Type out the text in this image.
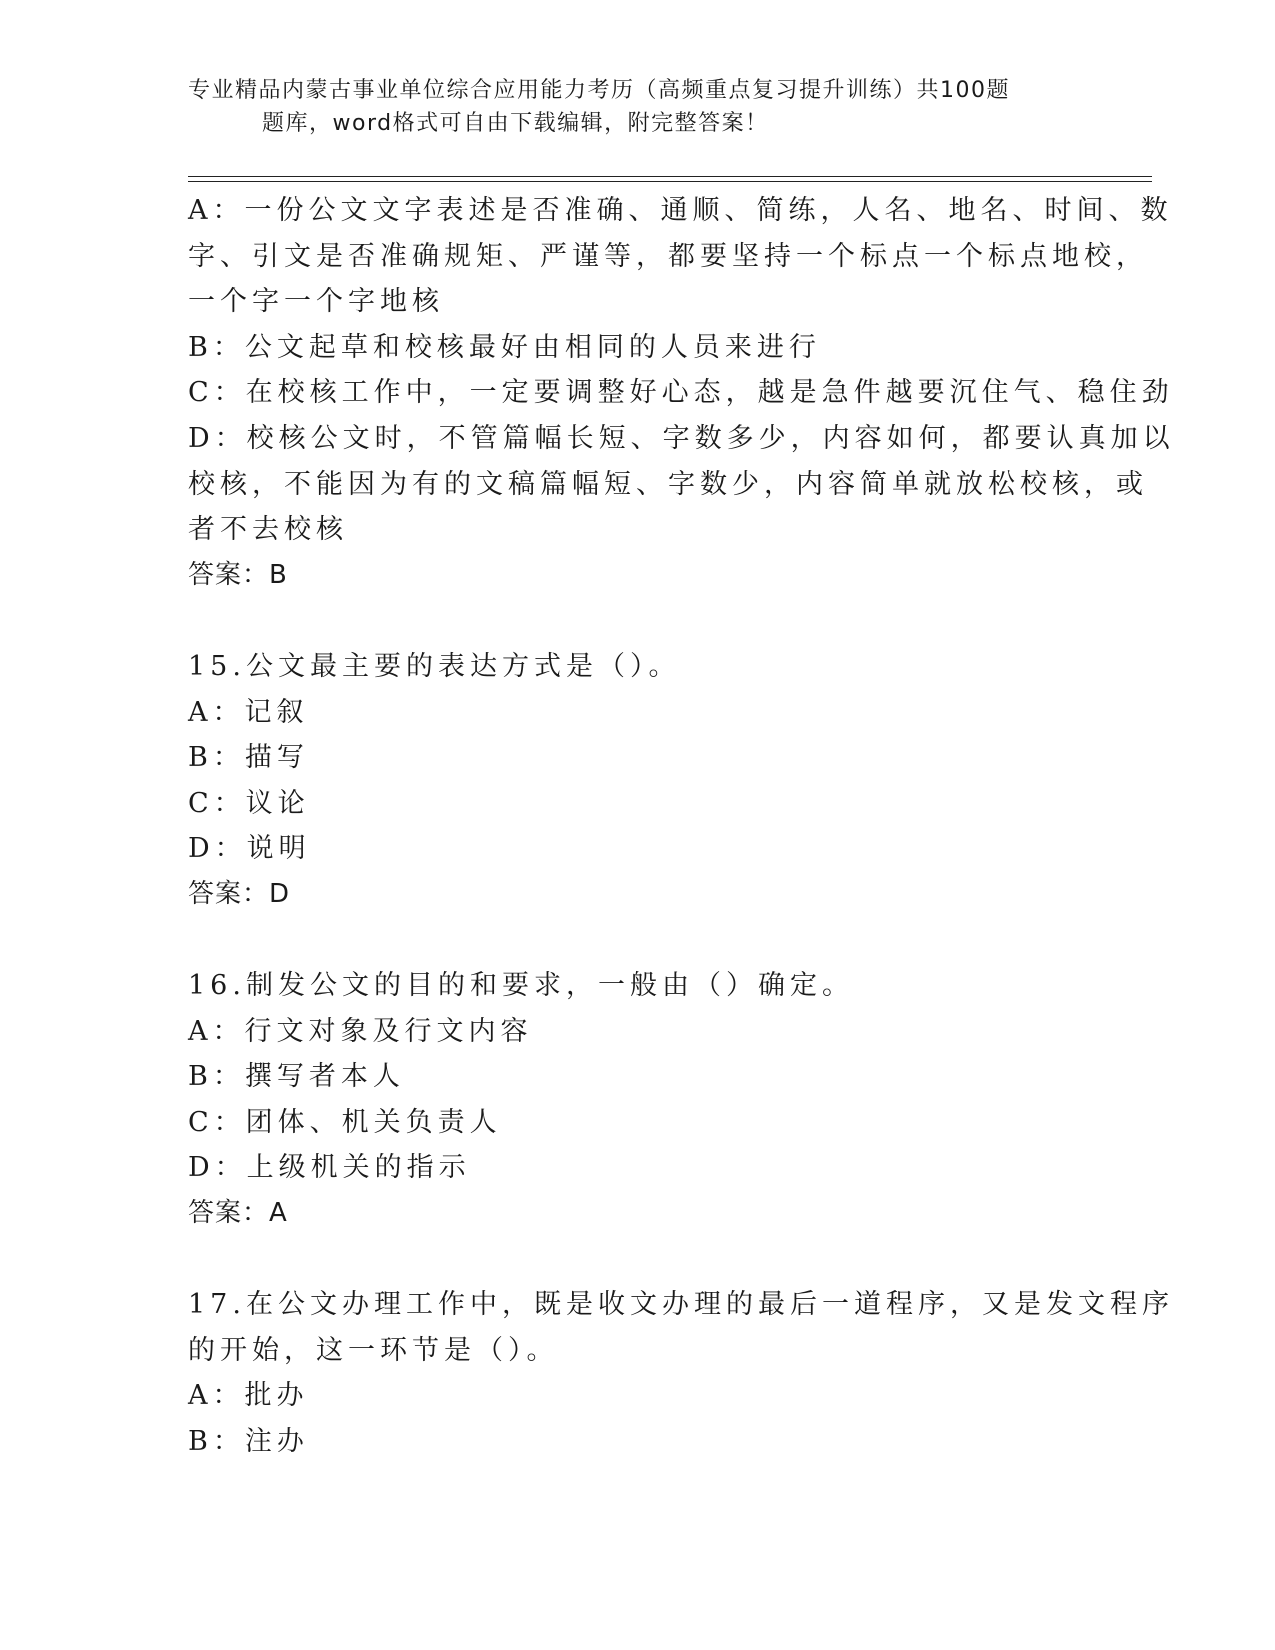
专业精品内蒙古事业单位综合应用能力考历（高频重点复习提升训练）共100题
题库，word格式可自由下载编辑，附完整答案！
A：一份公文文字表述是否准确、通顺、简练，人名、地名、时间、数
字、引文是否准确规矩、严谨等，都要坚持一个标点一个标点地校，
一个字一个字地核
B：公文起草和校核最好由相同的人员来进行
C：在校核工作中，一定要调整好心态，越是急件越要沉住气、稳住劲
D：校核公文时，不管篇幅长短、字数多少，内容如何，都要认真加以
校核，不能因为有的文稿篇幅短、字数少，内容简单就放松校核，或
者不去校核
答案：B
15.公文最主要的表达方式是（）。
A：记叙
B：描写
C：议论
D：说明
答案：D
16.制发公文的目的和要求，一般由（）确定。
A：行文对象及行文内容
B：撰写者本人
C：团体、机关负责人
D：上级机关的指示
答案：A
17.在公文办理工作中，既是收文办理的最后一道程序，又是发文程序
的开始，这一环节是（）。
A：批办
B：注办
